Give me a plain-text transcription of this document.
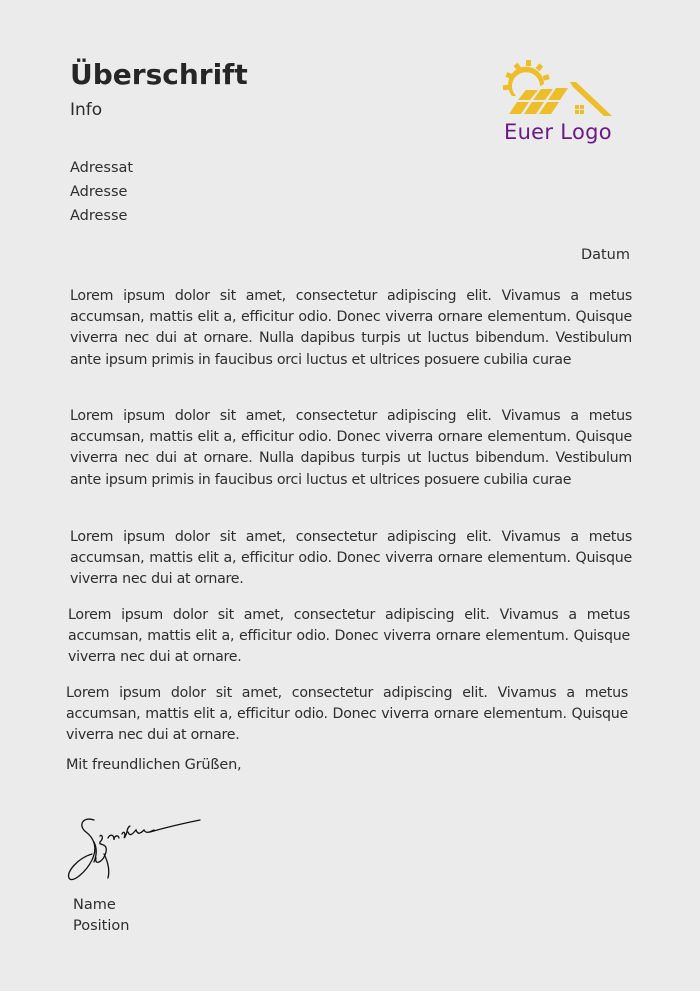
Überschrift
Info
Euer Logo
Adressat
Adresse
Adresse
Datum
Lorem ipsum dolor sit amet, consectetur adipiscing elit. Vivamus a metus accumsan, mattis elit a, efficitur odio. Donec viverra ornare elementum. Quisque viverra nec dui at ornare. Nulla dapibus turpis ut luctus bibendum. Vestibulum ante ipsum primis in faucibus orci luctus et ultrices posuere cubilia curae
Lorem ipsum dolor sit amet, consectetur adipiscing elit. Vivamus a metus accumsan, mattis elit a, efficitur odio. Donec viverra ornare elementum. Quisque viverra nec dui at ornare. Nulla dapibus turpis ut luctus bibendum. Vestibulum ante ipsum primis in faucibus orci luctus et ultrices posuere cubilia curae
Lorem ipsum dolor sit amet, consectetur adipiscing elit. Vivamus a metus accumsan, mattis elit a, efficitur odio. Donec viverra ornare elementum. Quisque viverra nec dui at ornare.
Lorem ipsum dolor sit amet, consectetur adipiscing elit. Vivamus a metus accumsan, mattis elit a, efficitur odio. Donec viverra ornare elementum. Quisque viverra nec dui at ornare.
Lorem ipsum dolor sit amet, consectetur adipiscing elit. Vivamus a metus accumsan, mattis elit a, efficitur odio. Donec viverra ornare elementum. Quisque viverra nec dui at ornare.
Mit freundlichen Grüßen,
Name
Position
